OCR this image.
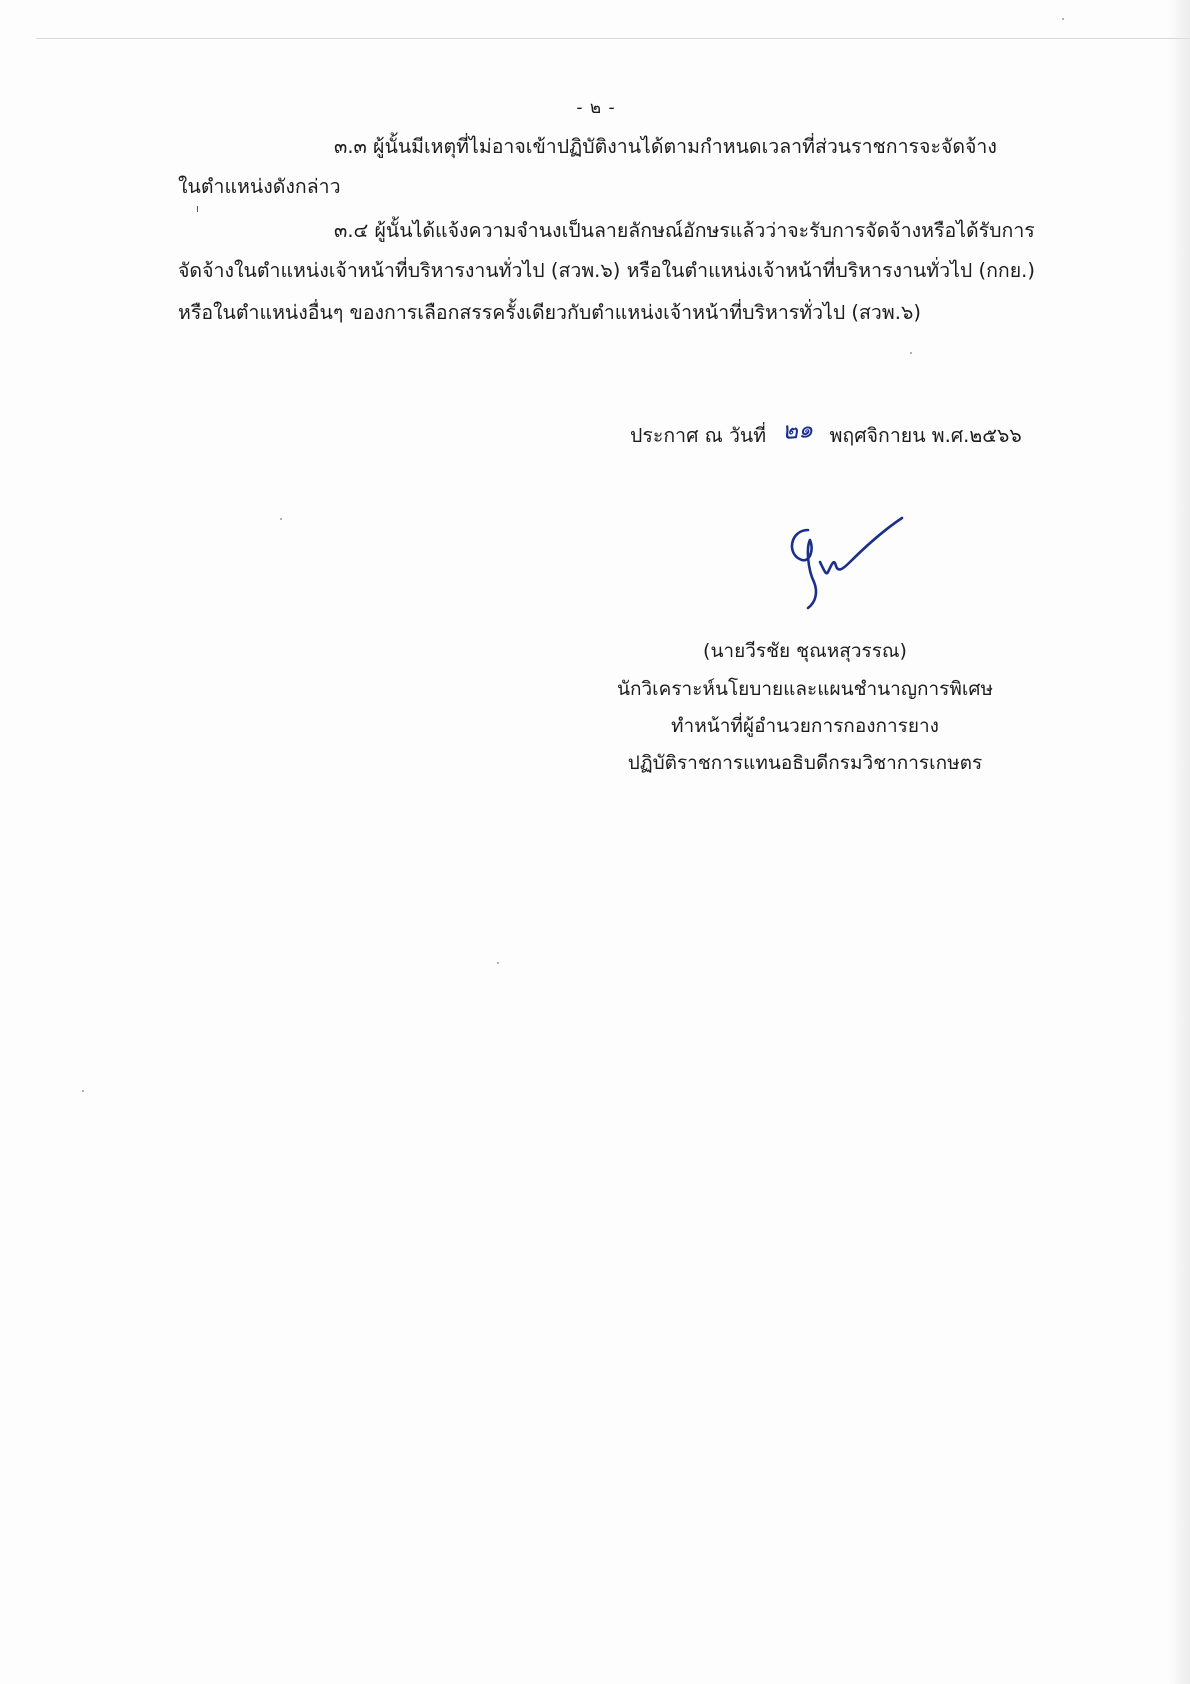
- ๒ -
๓.๓ ผู้นั้นมีเหตุที่ไม่อาจเข้าปฏิบัติงานได้ตามกำหนดเวลาที่ส่วนราชการจะจัดจ้าง
ในตำแหน่งดังกล่าว
๓.๔ ผู้นั้นได้แจ้งความจำนงเป็นลายลักษณ์อักษรแล้วว่าจะรับการจัดจ้างหรือได้รับการ
จัดจ้างในตำแหน่งเจ้าหน้าที่บริหารงานทั่วไป (สวพ.๖) หรือในตำแหน่งเจ้าหน้าที่บริหารงานทั่วไป (กกย.)
หรือในตำแหน่งอื่นๆ ของการเลือกสรรครั้งเดียวกับตำแหน่งเจ้าหน้าที่บริหารทั่วไป (สวพ.๖)
ประกาศ ณ วันที่ ๒๑ พฤศจิกายน พ.ศ.๒๕๖๖
(นายวีรชัย ชุณหสุวรรณ)
นักวิเคราะห์นโยบายและแผนชำนาญการพิเศษ
ทำหน้าที่ผู้อำนวยการกองการยาง
ปฏิบัติราชการแทนอธิบดีกรมวิชาการเกษตร
